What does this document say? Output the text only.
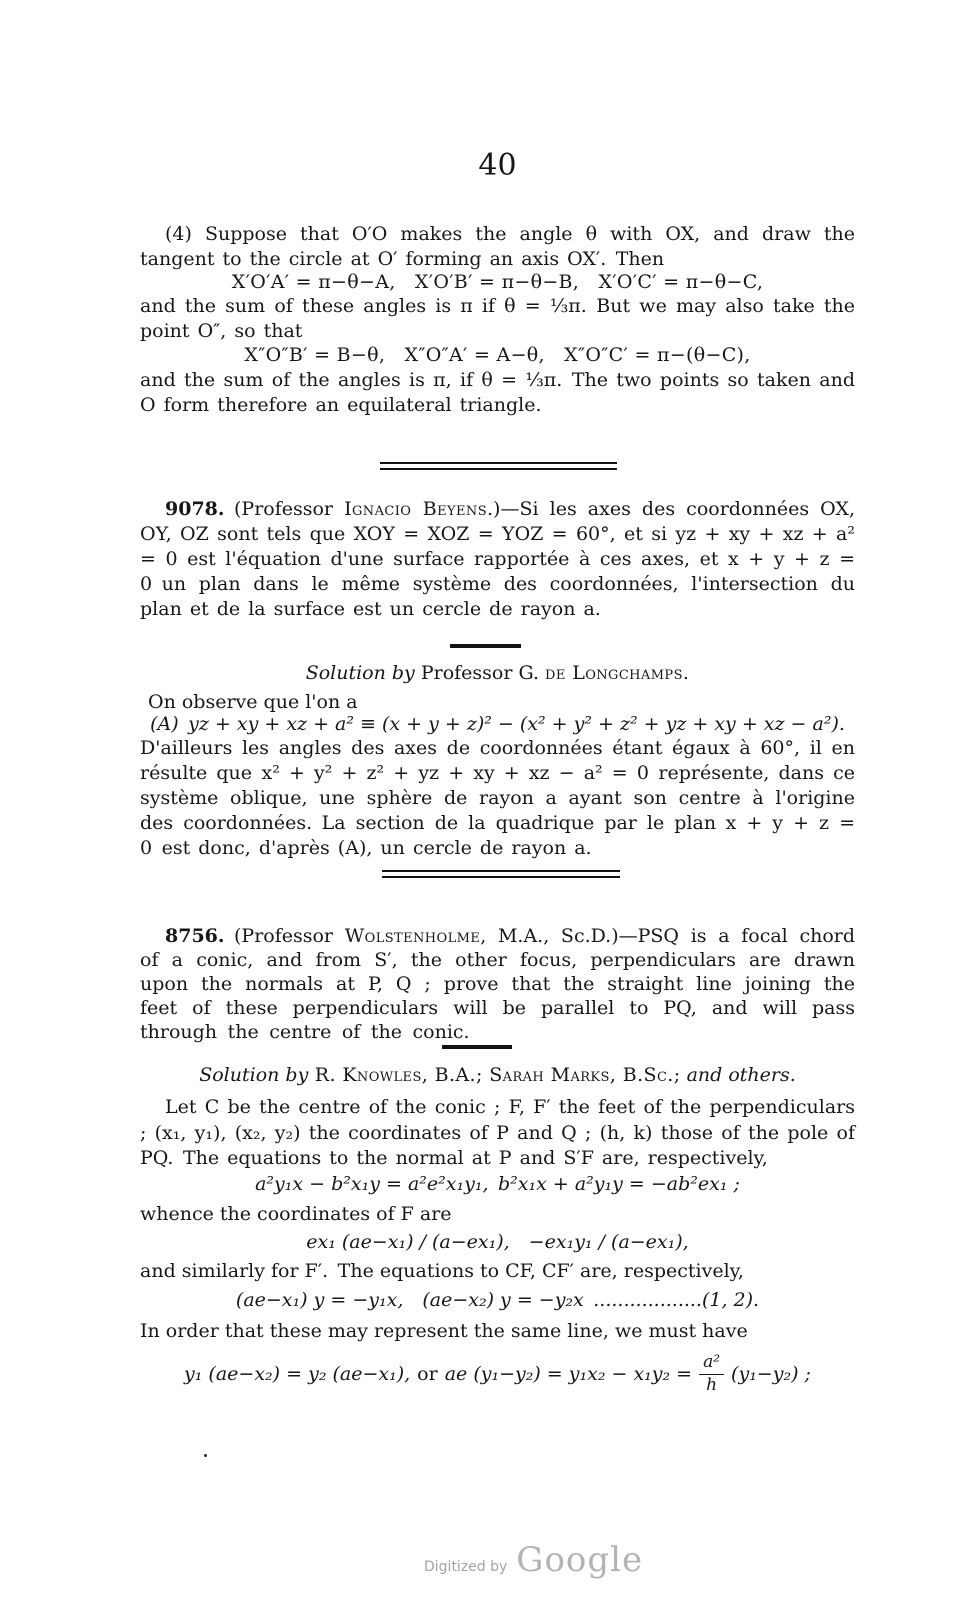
40
(4) Suppose that O′O makes the angle θ with OX, and draw the tangent to the circle at O′ forming an axis OX′. Then
X′O′A′ = π−θ−A, X′O′B′ = π−θ−B, X′O′C′ = π−θ−C,
and the sum of these angles is π if θ = ⅓π. But we may also take the point O″, so that
X″O″B′ = B−θ, X″O″A′ = A−θ, X″O″C′ = π−(θ−C),
and the sum of the angles is π, if θ = ⅓π. The two points so taken and O form therefore an equilateral triangle.
9078. (Professor Ignacio Beyens.)—Si les axes des coordonnées OX, OY, OZ sont tels que XOY = XOZ = YOZ = 60°, et si yz + xy + xz + a² = 0 est l'équation d'une surface rapportée à ces axes, et x + y + z = 0 un plan dans le même système des coordonnées, l'intersection du plan et de la surface est un cercle de rayon a.
Solution by Professor G. de Longchamps.
On observe que l'on a
(A) yz + xy + xz + a² ≡ (x + y + z)² − (x² + y² + z² + yz + xy + xz − a²).
D'ailleurs les angles des axes de coordonnées étant égaux à 60°, il en résulte que x² + y² + z² + yz + xy + xz − a² = 0 représente, dans ce système oblique, une sphère de rayon a ayant son centre à l'origine des coordonnées. La section de la quadrique par le plan x + y + z = 0 est donc, d'après (A), un cercle de rayon a.
8756. (Professor Wolstenholme, M.A., Sc.D.)—PSQ is a focal chord of a conic, and from S′, the other focus, perpendiculars are drawn upon the normals at P, Q ; prove that the straight line joining the feet of these perpendiculars will be parallel to PQ, and will pass through the centre of the conic.
Solution by R. Knowles, B.A.; Sarah Marks, B.Sc.; and others.
Let C be the centre of the conic ; F, F′ the feet of the perpendiculars ; (x₁, y₁), (x₂, y₂) the coordinates of P and Q ; (h, k) those of the pole of PQ. The equations to the normal at P and S′F are, respectively,
a²y₁x − b²x₁y = a²e²x₁y₁, b²x₁x + a²y₁y = −ab²ex₁ ;
whence the coordinates of F are
ex₁ (ae−x₁) / (a−ex₁), −ex₁y₁ / (a−ex₁),
and similarly for F′. The equations to CF, CF′ are, respectively,
(ae−x₁) y = −y₁x, (ae−x₂) y = −y₂x ..................(1, 2).
In order that these may represent the same line, we must have
y₁ (ae−x₂) = y₂ (ae−x₁), or ae $(y_1-y_2) = y_1x_2 - x_1y_2 = \frac{\text{a²}}{h} (y_1-y_2)$ ;
Digitized by Google
